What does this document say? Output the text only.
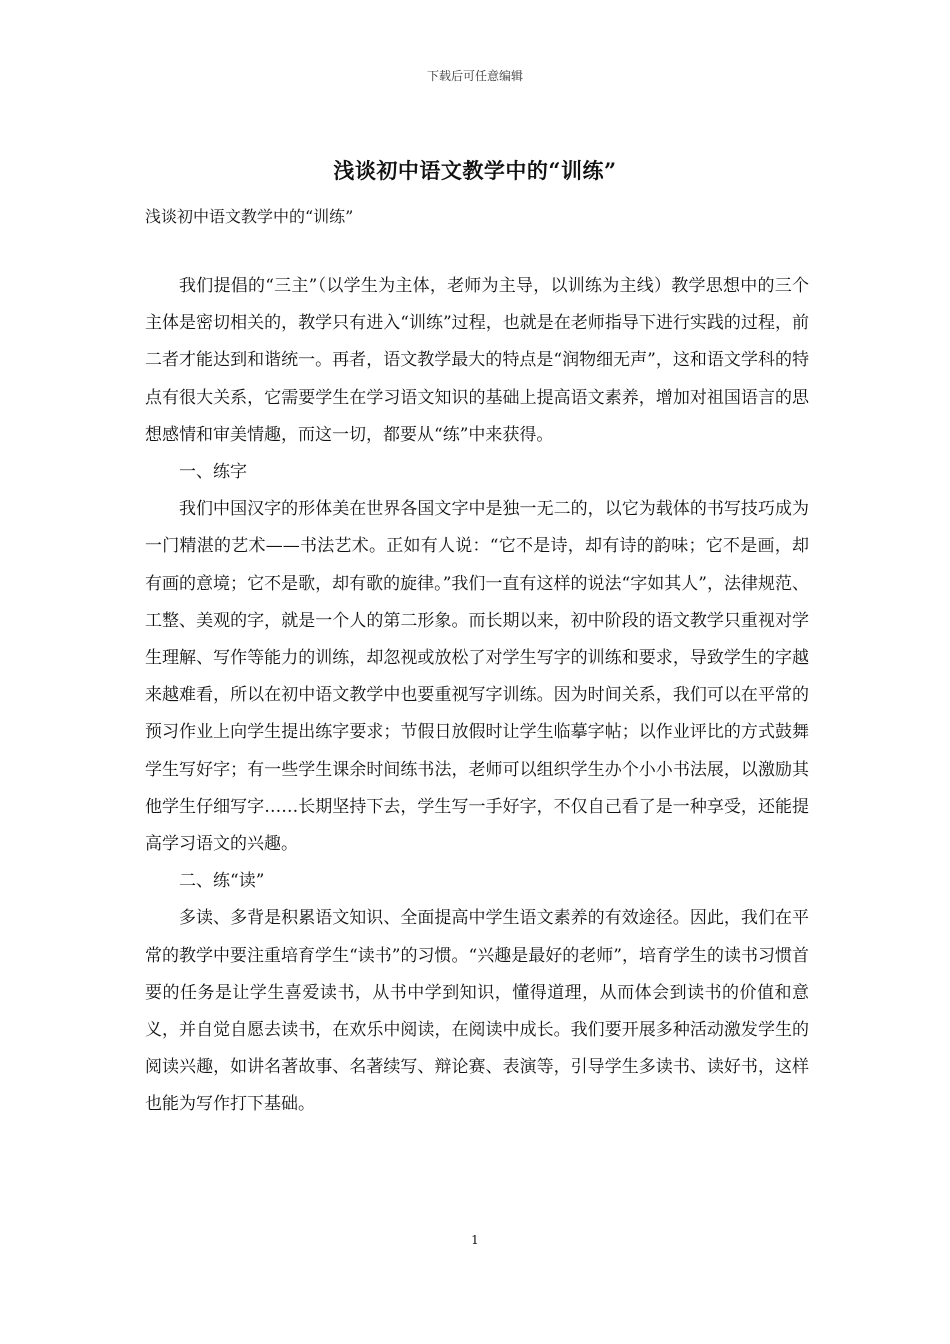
下载后可任意编辑
浅谈初中语文教学中的“训练”
浅谈初中语文教学中的“训练”

我们提倡的“三主”（以学生为主体，老师为主导，以训练为主线）教学思想中的三个主体是密切相关的，教学只有进入“训练”过程，也就是在老师指导下进行实践的过程，前二者才能达到和谐统一。再者，语文教学最大的特点是“润物细无声”，这和语文学科的特点有很大关系，它需要学生在学习语文知识的基础上提高语文素养，增加对祖国语言的思想感情和审美情趣，而这一切，都要从“练”中来获得。

一、练字

我们中国汉字的形体美在世界各国文字中是独一无二的，以它为载体的书写技巧成为一门精湛的艺术——书法艺术。正如有人说：“它不是诗，却有诗的韵味；它不是画，却有画的意境；它不是歌，却有歌的旋律。”我们一直有这样的说法“字如其人”，法律规范、工整、美观的字，就是一个人的第二形象。而长期以来，初中阶段的语文教学只重视对学生理解、写作等能力的训练，却忽视或放松了对学生写字的训练和要求，导致学生的字越来越难看，所以在初中语文教学中也要重视写字训练。因为时间关系，我们可以在平常的预习作业上向学生提出练字要求；节假日放假时让学生临摹字帖；以作业评比的方式鼓舞学生写好字；有一些学生课余时间练书法，老师可以组织学生办个小小书法展，以激励其他学生仔细写字……长期坚持下去，学生写一手好字，不仅自己看了是一种享受，还能提高学习语文的兴趣。

二、练“读”

多读、多背是积累语文知识、全面提高中学生语文素养的有效途径。因此，我们在平常的教学中要注重培育学生“读书”的习惯。“兴趣是最好的老师”，培育学生的读书习惯首要的任务是让学生喜爱读书，从书中学到知识，懂得道理，从而体会到读书的价值和意义，并自觉自愿去读书，在欢乐中阅读，在阅读中成长。我们要开展多种活动激发学生的阅读兴趣，如讲名著故事、名著续写、辩论赛、表演等，引导学生多读书、读好书，这样也能为写作打下基础。

1
